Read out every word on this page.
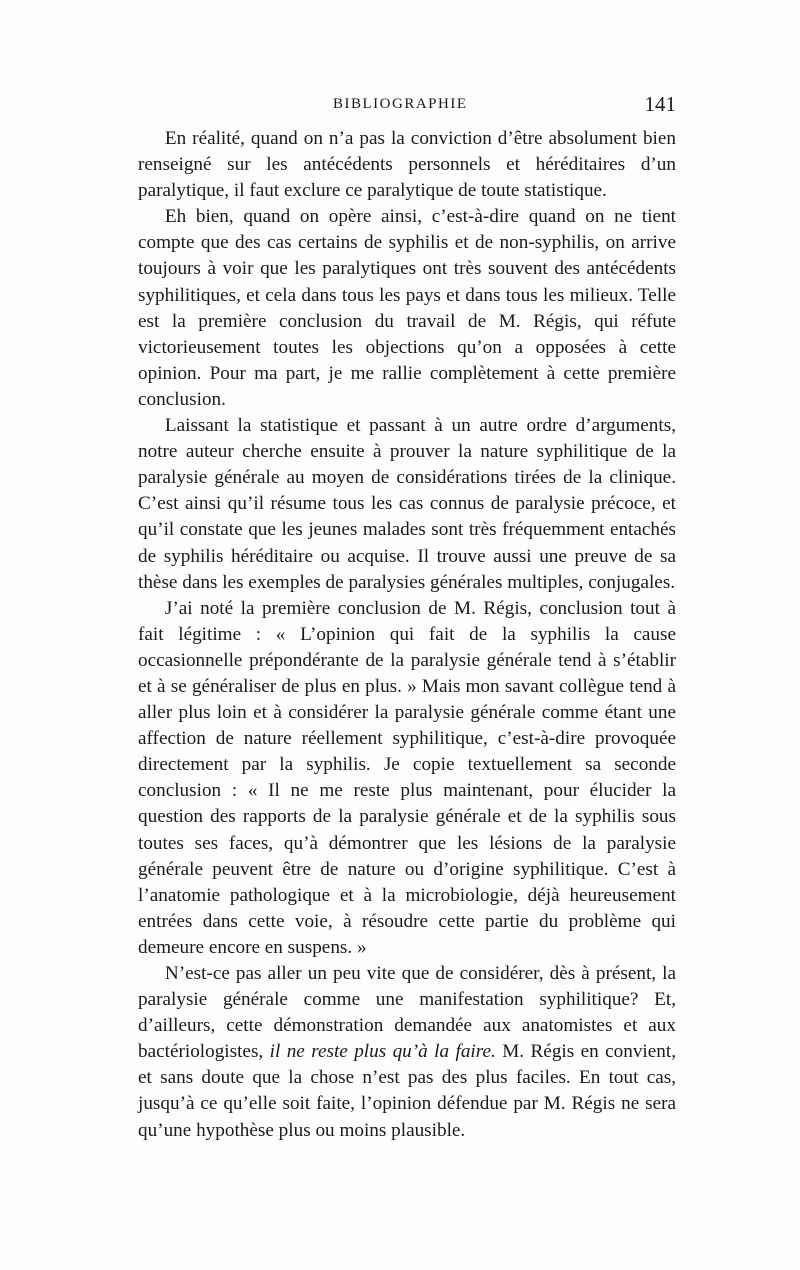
BIBLIOGRAPHIE	141

En réalité, quand on n’a pas la conviction d’être absolument bien renseigné sur les antécédents personnels et héréditaires d’un paralytique, il faut exclure ce paralytique de toute statistique.

Eh bien, quand on opère ainsi, c’est-à-dire quand on ne tient compte que des cas certains de syphilis et de non-syphilis, on arrive toujours à voir que les paralytiques ont très souvent des antécédents syphilitiques, et cela dans tous les pays et dans tous les milieux. Telle est la première conclusion du travail de M. Régis, qui réfute victorieusement toutes les objections qu’on a opposées à cette opinion. Pour ma part, je me rallie complètement à cette première conclusion.

Laissant la statistique et passant à un autre ordre d’arguments, notre auteur cherche ensuite à prouver la nature syphilitique de la paralysie générale au moyen de considérations tirées de la clinique. C’est ainsi qu’il résume tous les cas connus de paralysie précoce, et qu’il constate que les jeunes malades sont très fréquemment entachés de syphilis héréditaire ou acquise. Il trouve aussi une preuve de sa thèse dans les exemples de paralysies générales multiples, conjugales.

J’ai noté la première conclusion de M. Régis, conclusion tout à fait légitime : « L’opinion qui fait de la syphilis la cause occasionnelle prépondérante de la paralysie générale tend à s’établir et à se généraliser de plus en plus. » Mais mon savant collègue tend à aller plus loin et à considérer la paralysie générale comme étant une affection de nature réellement syphilitique, c’est-à-dire provoquée directement par la syphilis. Je copie textuellement sa seconde conclusion : « Il ne me reste plus maintenant, pour élucider la question des rapports de la paralysie générale et de la syphilis sous toutes ses faces, qu’à démontrer que les lésions de la paralysie générale peuvent être de nature ou d’origine syphilitique. C’est à l’anatomie pathologique et à la microbiologie, déjà heureusement entrées dans cette voie, à résoudre cette partie du problème qui demeure encore en suspens. »

N’est-ce pas aller un peu vite que de considérer, dès à présent, la paralysie générale comme une manifestation syphilitique? Et, d’ailleurs, cette démonstration demandée aux anatomistes et aux bactériologistes, il ne reste plus qu’à la faire. M. Régis en convient, et sans doute que la chose n’est pas des plus faciles. En tout cas, jusqu’à ce qu’elle soit faite, l’opinion défendue par M. Régis ne sera qu’une hypothèse plus ou moins plausible.
